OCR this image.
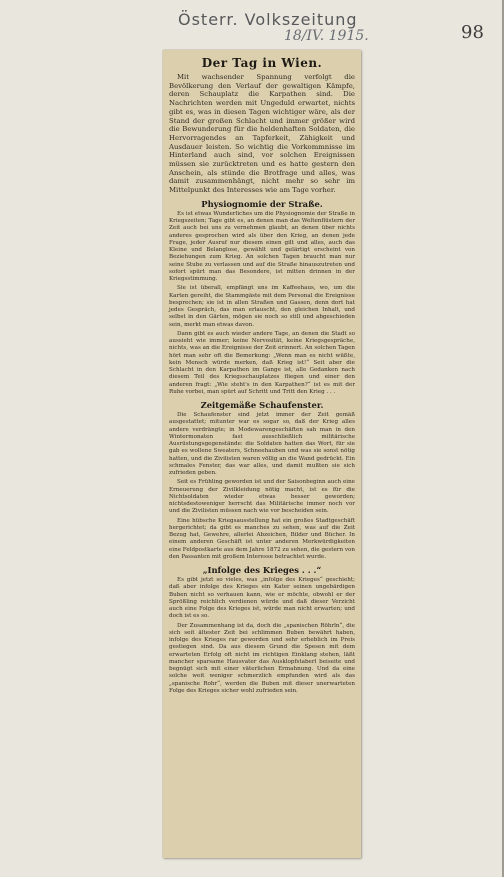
Österr. Volkszeitung
18/IV. 1915.	98
Der Tag in Wien.

Mit wachsender Spannung verfolgt die Bevölkerung den Verlauf der gewaltigen Kämpfe, deren Schauplatz die Karpathen sind. Die Nachrichten werden mit Ungeduld erwartet, nichts gibt es, was in diesen Tagen wichtiger wäre, als der Stand der großen Schlacht und immer größer wird die Bewunderung für die heldenhaften Soldaten, die Hervorragendes an Tapferkeit, Zähigkeit und Ausdauer leisten. So wichtig die Vorkommnisse im Hinterland auch sind, vor solchen Ereignissen müssen sie zurücktreten und es hatte gestern den Anschein, als stünde die Brotfrage und alles, was damit zusammenhängt, nicht mehr so sehr im Mittelpunkt des Interesses wie am Tage vorher.

Physiognomie der Straße.

Es ist etwas Wunderliches um die Physiognomie der Straße in Kriegszeiten; Tage gibt es, an denen man das Weltenflüstern der Zeit auch bei uns zu vernehmen glaubt, an denen über nichts anderes gesprochen wird als über den Krieg, an denen jede Frage, jeder Ausruf nur diesem einen gilt und alles, auch das Kleine und Belanglose, gewählt und gelärtigt erscheint von Beziehungen zum Krieg. An solchen Tagen braucht man nur seine Stube zu verlassen und auf die Straße hinauszutreten und sofort spürt man das Besondere, ist mitten drinnen in der Kriegsstimmung.

Sie ist überall, empfängt uns im Kaffeehaus, wo, um die Karten gereiht, die Stammgäste mit dem Personal die Ereignisse besprechen; sie ist in allen Straßen und Gassen, denn dort hat jedes Gespräch, das man erlauscht, den gleichen Inhalt, und selbst in den Gärten, mögen sie noch so still und abgeschieden sein, merkt man etwas davon.

Dann gibt es auch wieder andere Tage, an denen die Stadt so aussieht wie immer; keine Nervosität, keine Kriegsgespräche, nichts, was an die Ereignisse der Zeit erinnert. An solchen Tagen hört man sehr oft die Bemerkung: „Wenn man es nicht wüßte, kein Mensch würde merken, daß Krieg ist!“ Seit aber die Schlacht in den Karpathen im Gange ist, alle Gedanken nach diesem Teil des Kriegsschauplatzes fliegen und einer den anderen fragt: „Wie steht's in den Karpathen?“ ist es mit der Ruhe vorbei, man spürt auf Schritt und Tritt den Krieg . . .

Zeitgemäße Schaufenster.

Die Schaufenster sind jetzt immer der Zeit gemäß ausgestattet; mitunter war es sogar so, daß der Krieg alles andere verdrängte; in Modewarengeschäften sah man in den Wintermonaten fast ausschließlich militärische Ausrüstungsgegenstände: die Soldaten hatten das Wort, für sie gab es wollene Sweaters, Schneehauben und was sie sonst nötig hatten, und die Zivilisten waren völlig an die Wand gedrückt. Ein schmales Fenster, das war alles, und damit mußten sie sich zufrieden geben.

Seit es Frühling geworden ist und der Saisonbeginn auch eine Erneuerung der Zivilkleidung nötig macht, ist es für die Nichtsoldaten wieder etwas besser geworden; nichtsdestoweniger herrscht das Militärische immer noch vor und die Zivilisten müssen nach wie vor bescheiden sein.

Eine hübsche Kriegsausstellung hat ein großes Stadtgeschäft hergerichtet; da gibt es manches zu sehen, was auf die Zeit Bezug hat, Gewehre, allerlei Abzeichen, Bilder und Bücher. In einem anderen Geschäft ist unter anderen Merkwürdigkeiten eine Feldpostkarte aus dem Jahre 1872 zu sehen, die gestern von den Passanten mit großem Interesse betrachtet wurde.

„Infolge des Krieges . . .“

Es gibt jetzt so vieles, was „infolge des Krieges“ geschieht; daß aber infolge des Krieges ein Kater seinen ungebärdigen Buben nicht so verhauen kann, wie er möchte, obwohl er der Sprößling reichlich verdienen würde und daß dieser Verzicht auch eine Folge des Krieges ist, würde man nicht erwarten; und doch ist es so.

Der Zusammenhang ist da, doch die „spanischen Röhrln“, die sich seit ältester Zeit bei schlimmen Buben bewährt haben, infolge des Krieges rar geworden und sehr erheblich im Preis gestiegen sind. Da aus diesem Grund die Spesen mit dem erwarteten Erfolg oft nicht im richtigen Einklang stehen, läßt mancher sparsame Hausvater das Ausklopfstaberl beiseite und begnügt sich mit einer väterlichen Ermahnung. Und da eine solche weit weniger schmerzlich empfunden wird als das „spanische Rohr“, werden die Buben mit dieser unerwarteten Folge des Krieges sicher wohl zufrieden sein.
